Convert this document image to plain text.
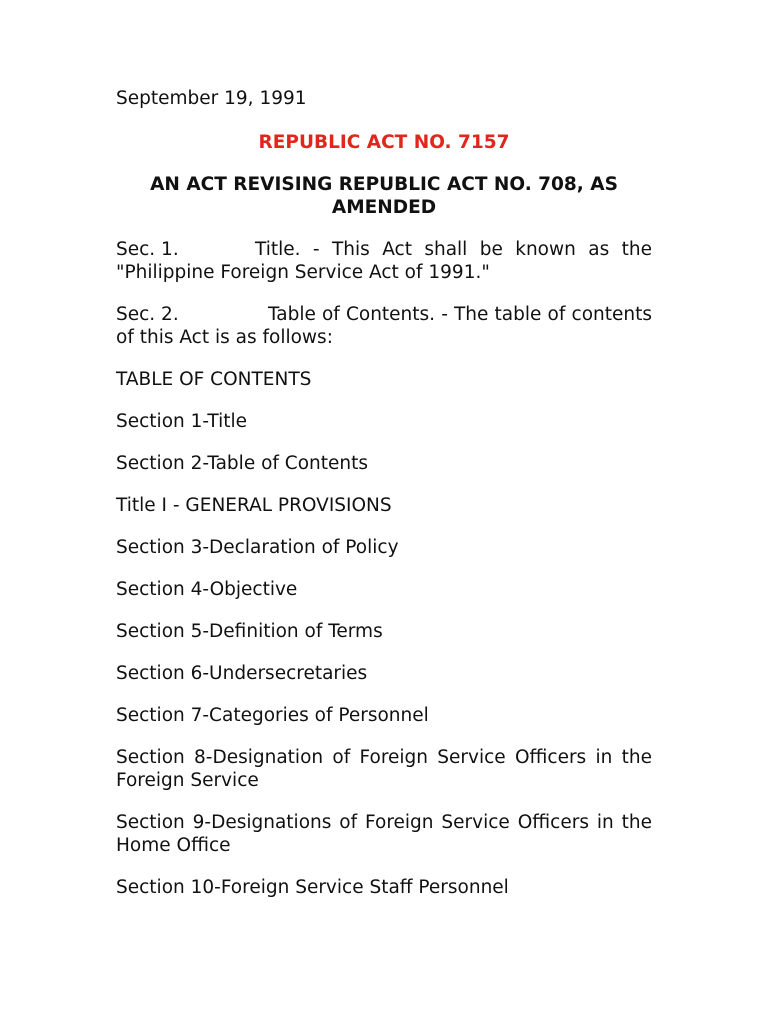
September 19, 1991
REPUBLIC ACT NO. 7157
AN ACT REVISING REPUBLIC ACT NO. 708, AS AMENDED
Sec. 1.	Title. - This Act shall be known as the "Philippine Foreign Service Act of 1991."
Sec. 2.	Table of Contents. - The table of contents of this Act is as follows:
TABLE OF CONTENTS
Section 1-Title
Section 2-Table of Contents
Title I - GENERAL PROVISIONS
Section 3-Declaration of Policy
Section 4-Objective
Section 5-Definition of Terms
Section 6-Undersecretaries
Section 7-Categories of Personnel
Section 8-Designation of Foreign Service Officers in the Foreign Service
Section 9-Designations of Foreign Service Officers in the Home Office
Section 10-Foreign Service Staff Personnel
